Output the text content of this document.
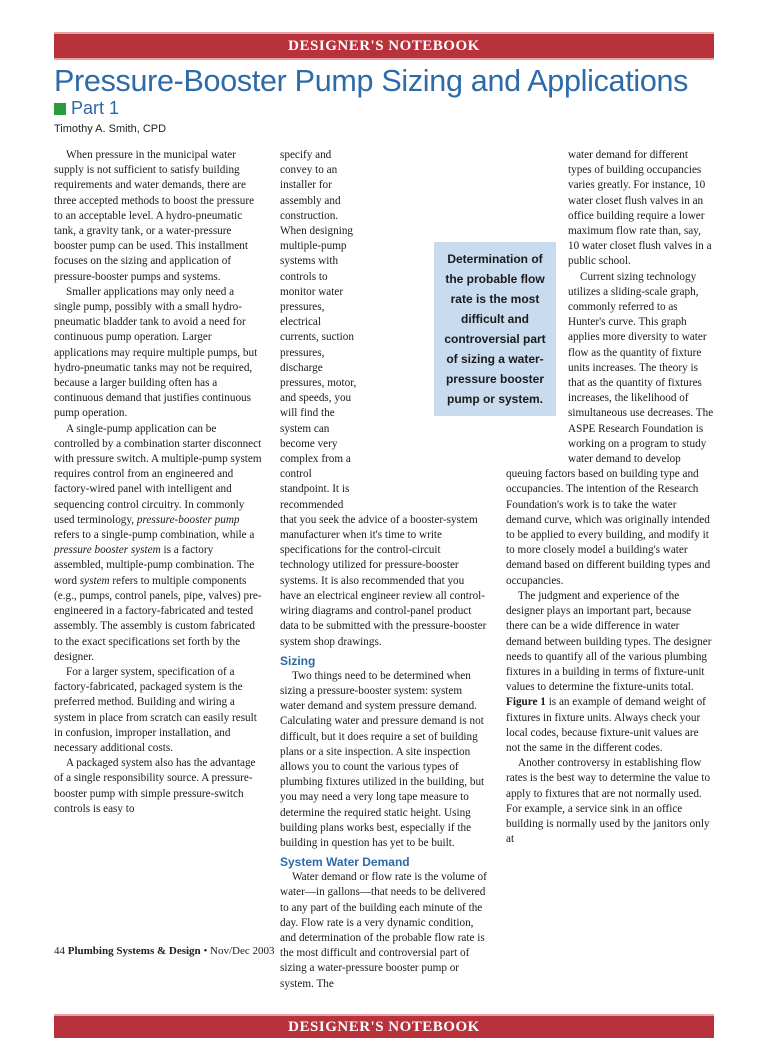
DESIGNER'S NOTEBOOK
Pressure-Booster Pump Sizing and Applications
Part 1
Timothy A. Smith, CPD

When pressure in the municipal water supply is not sufficient to satisfy building requirements and water demands, there are three accepted methods to boost the pressure to an acceptable level. A hydro-pneumatic tank, a gravity tank, or a water-pressure booster pump can be used. This installment focuses on the sizing and application of pressure-booster pumps and systems.

Smaller applications may only need a single pump, possibly with a small hydro-pneumatic bladder tank to avoid a need for continuous pump operation. Larger applications may require multiple pumps, but hydro-pneumatic tanks may not be required, because a larger building often has a continuous demand that justifies continuous pump operation.

A single-pump application can be controlled by a combination starter disconnect with pressure switch. A multiple-pump system requires control from an engineered and factory-wired panel with intelligent and sequencing control circuitry. In commonly used terminology, pressure-booster pump refers to a single-pump combination, while a pressure booster system is a factory assembled, multiple-pump combination. The word system refers to multiple components (e.g., pumps, control panels, pipe, valves) pre-engineered in a factory-fabricated and tested assembly. The assembly is custom fabricated to the exact specifications set forth by the designer.

For a larger system, specification of a factory-fabricated, packaged system is the preferred method. Building and wiring a system in place from scratch can easily result in confusion, improper installation, and necessary additional costs.

A packaged system also has the advantage of a single responsibility source. A pressure-booster pump with simple pressure-switch controls is easy to

specify and convey to an installer for assembly and construction. When designing multiple-pump systems with controls to monitor water pressures, electrical currents, suction pressures, discharge pressures, motor, and speeds, you will find the system can become very complex from a control standpoint. It is recommended that you seek the advice of a booster-system manufacturer when it's time to write specifications for the control-circuit technology utilized for pressure-booster systems. It is also recommended that you have an electrical engineer review all control-wiring diagrams and control-panel product data to be submitted with the pressure-booster system shop drawings.

Sizing

Two things need to be determined when sizing a pressure-booster system: system water demand and system pressure demand. Calculating water and pressure demand is not difficult, but it does require a set of building plans or a site inspection. A site inspection allows you to count the various types of plumbing fixtures utilized in the building, but you may need a very long tape measure to determine the required static height. Using building plans works best, especially if the building in question has yet to be built.

System Water Demand

Water demand or flow rate is the volume of water—in gallons—that needs to be delivered to any part of the building each minute of the day. Flow rate is a very dynamic condition, and determination of the probable flow rate is the most difficult and controversial part of sizing a water-pressure booster pump or system. The

water demand for different types of building occupancies varies greatly. For instance, 10 water closet flush valves in an office building require a lower maximum flow rate than, say, 10 water closet flush valves in a public school.

Current sizing technology utilizes a sliding-scale graph, commonly referred to as Hunter's curve. This graph applies more diversity to water flow as the quantity of fixture units increases. The theory is that as the quantity of fixtures increases, the likelihood of simultaneous use decreases. The ASPE Research Foundation is working on a program to study water demand to develop queuing factors based on building type and occupancies. The intention of the Research Foundation's work is to take the water demand curve, which was originally intended to be applied to every building, and modify it to more closely model a building's water demand based on different building types and occupancies.

The judgment and experience of the designer plays an important part, because there can be a wide difference in water demand between building types. The designer needs to quantify all of the various plumbing fixtures in a building in terms of fixture-unit values to determine the fixture-units total. Figure 1 is an example of demand weight of fixtures in fixture units. Always check your local codes, because fixture-unit values are not the same in the different codes.

Another controversy in establishing flow rates is the best way to determine the value to apply to fixtures that are not normally used. For example, a service sink in an office building is normally used by the janitors only at

Determination of the probable flow rate is the most difficult and controversial part of sizing a water-pressure booster pump or system.
44 Plumbing Systems & Design • Nov/Dec 2003
DESIGNER'S NOTEBOOK
